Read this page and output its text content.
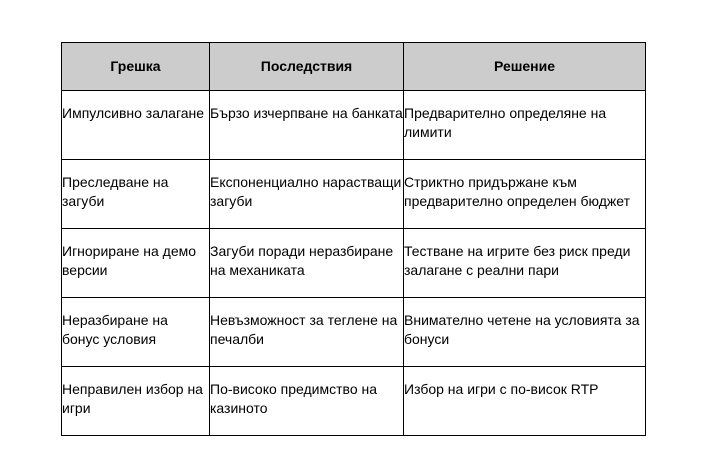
Грешка	Последствия	Решение

Импулсивно залагане	Бързо изчерпване на банката	Предварително определяне на лимити

Преследване на загуби	Експоненциално нарастващи загуби	Стриктно придържане към предварително определен бюджет

Игнориране на демо версии	Загуби поради неразбиране на механиката	Тестване на игрите без риск преди залагане с реални пари

Неразбиране на бонус условия	Невъзможност за теглене на печалби	Внимателно четене на условията за бонуси

Неправилен избор на игри	По-високо предимство на казиното	Избор на игри с по-висок RTP
